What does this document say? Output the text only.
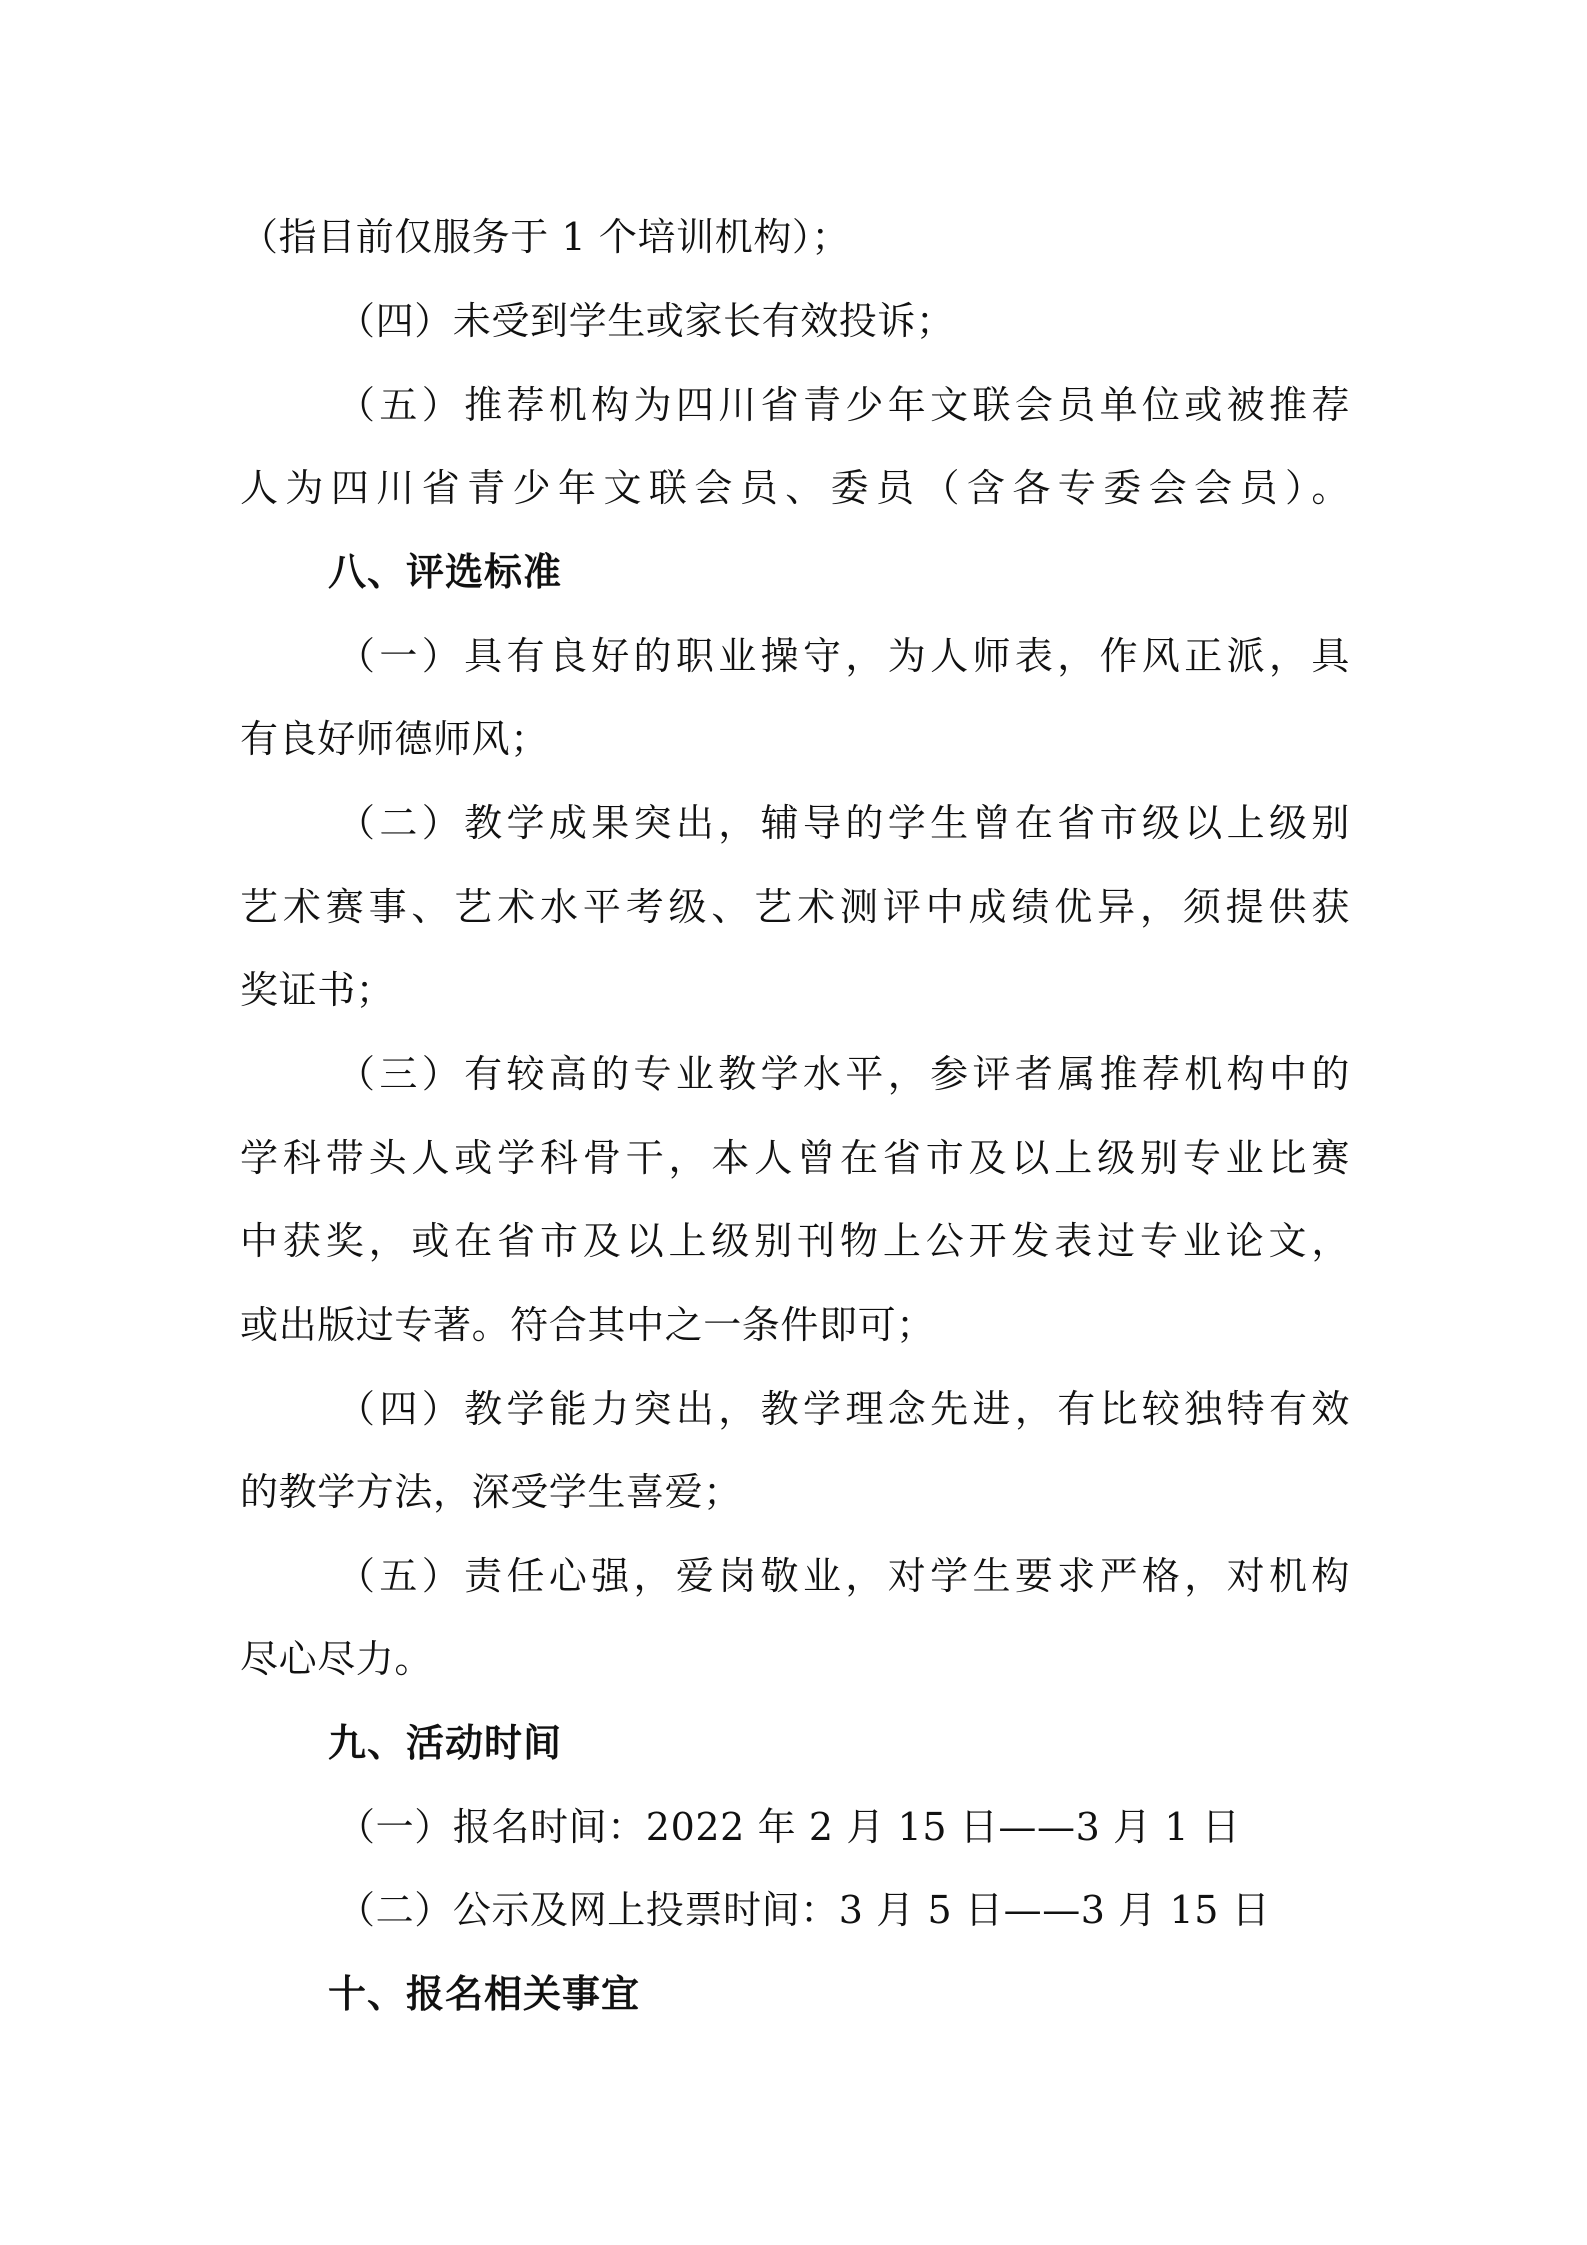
（指目前仅服务于 1 个培训机构）；
（四）未受到学生或家长有效投诉；
（五）推荐机构为四川省青少年文联会员单位或被推荐
人为四川省青少年文联会员、委员（含各专委会会员）。
八、评选标准
（一）具有良好的职业操守，为人师表，作风正派，具
有良好师德师风；
（二）教学成果突出，辅导的学生曾在省市级以上级别
艺术赛事、艺术水平考级、艺术测评中成绩优异，须提供获
奖证书；
（三）有较高的专业教学水平，参评者属推荐机构中的
学科带头人或学科骨干，本人曾在省市及以上级别专业比赛
中获奖，或在省市及以上级别刊物上公开发表过专业论文，
或出版过专著。符合其中之一条件即可；
（四）教学能力突出，教学理念先进，有比较独特有效
的教学方法，深受学生喜爱；
（五）责任心强，爱岗敬业，对学生要求严格，对机构
尽心尽力。
九、活动时间
（一）报名时间：2022 年 2 月 15 日——3 月 1 日
（二）公示及网上投票时间：3 月 5 日——3 月 15 日
十、报名相关事宜
